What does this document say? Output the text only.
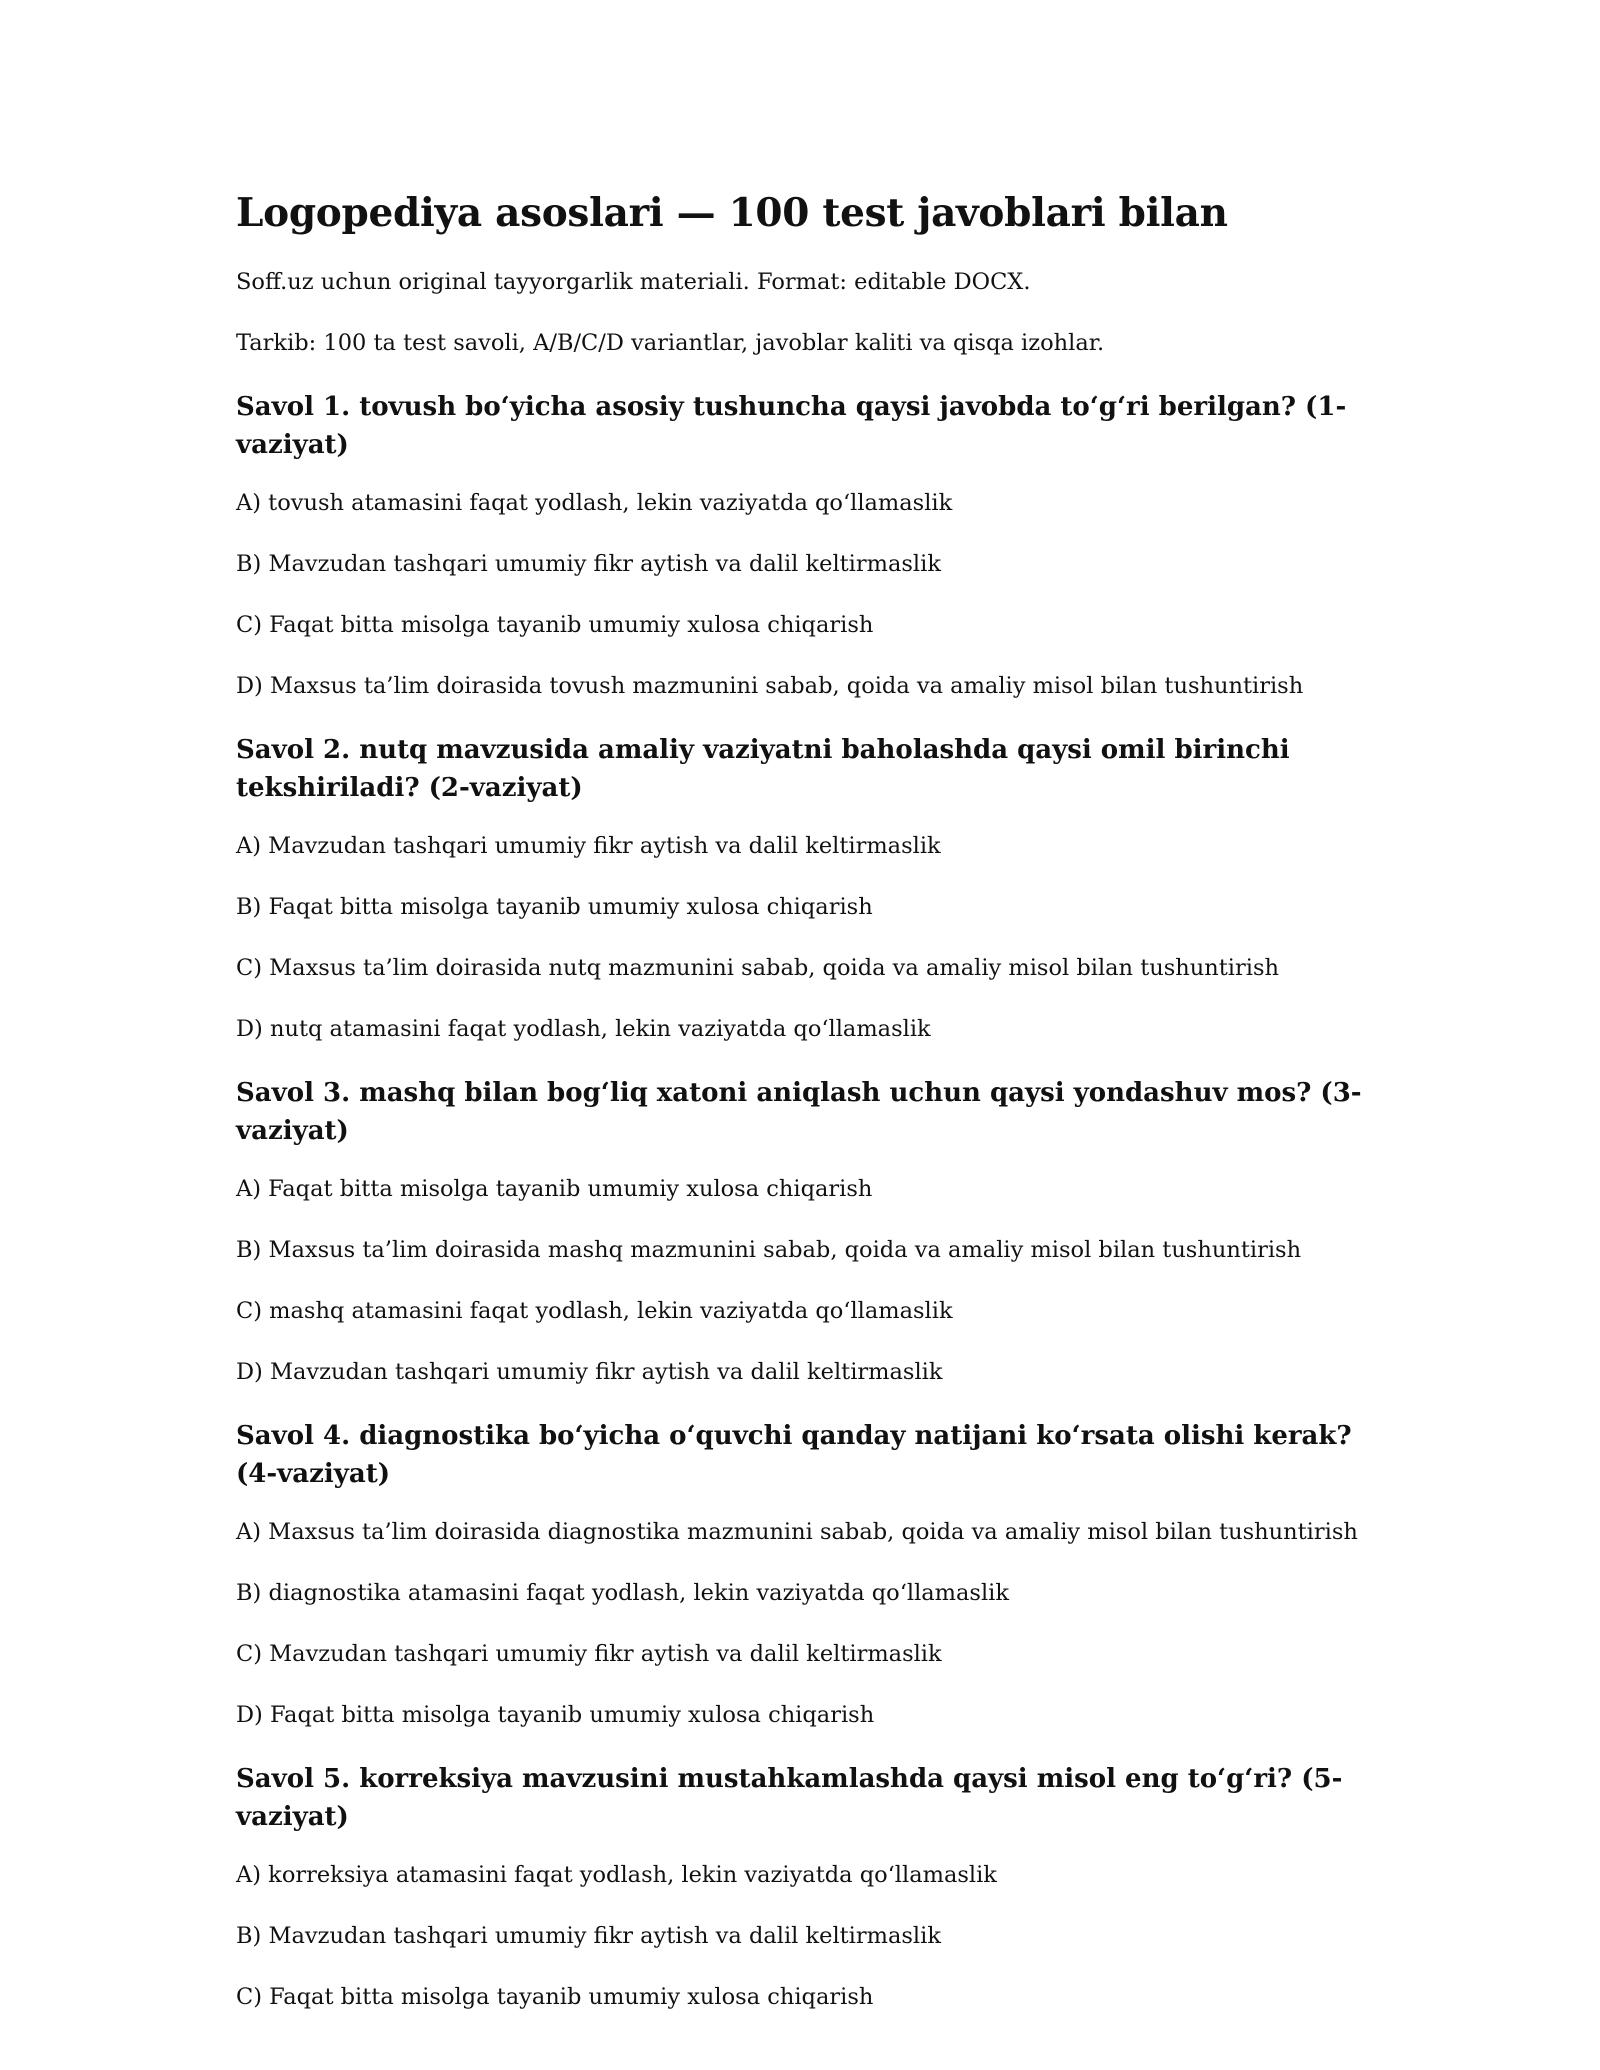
Logopediya asoslari — 100 test javoblari bilan

Soff.uz uchun original tayyorgarlik materiali. Format: editable DOCX.

Tarkib: 100 ta test savoli, A/B/C/D variantlar, javoblar kaliti va qisqa izohlar.

Savol 1. tovush bo‘yicha asosiy tushuncha qaysi javobda to‘g‘ri berilgan? (1-vaziyat)

A) tovush atamasini faqat yodlash, lekin vaziyatda qo‘llamaslik

B) Mavzudan tashqari umumiy fikr aytish va dalil keltirmaslik

C) Faqat bitta misolga tayanib umumiy xulosa chiqarish

D) Maxsus ta’lim doirasida tovush mazmunini sabab, qoida va amaliy misol bilan tushuntirish

Savol 2. nutq mavzusida amaliy vaziyatni baholashda qaysi omil birinchi tekshiriladi? (2-vaziyat)

A) Mavzudan tashqari umumiy fikr aytish va dalil keltirmaslik

B) Faqat bitta misolga tayanib umumiy xulosa chiqarish

C) Maxsus ta’lim doirasida nutq mazmunini sabab, qoida va amaliy misol bilan tushuntirish

D) nutq atamasini faqat yodlash, lekin vaziyatda qo‘llamaslik

Savol 3. mashq bilan bog‘liq xatoni aniqlash uchun qaysi yondashuv mos? (3-vaziyat)

A) Faqat bitta misolga tayanib umumiy xulosa chiqarish

B) Maxsus ta’lim doirasida mashq mazmunini sabab, qoida va amaliy misol bilan tushuntirish

C) mashq atamasini faqat yodlash, lekin vaziyatda qo‘llamaslik

D) Mavzudan tashqari umumiy fikr aytish va dalil keltirmaslik

Savol 4. diagnostika bo‘yicha o‘quvchi qanday natijani ko‘rsata olishi kerak? (4-vaziyat)

A) Maxsus ta’lim doirasida diagnostika mazmunini sabab, qoida va amaliy misol bilan tushuntirish

B) diagnostika atamasini faqat yodlash, lekin vaziyatda qo‘llamaslik

C) Mavzudan tashqari umumiy fikr aytish va dalil keltirmaslik

D) Faqat bitta misolga tayanib umumiy xulosa chiqarish

Savol 5. korreksiya mavzusini mustahkamlashda qaysi misol eng to‘g‘ri? (5-vaziyat)

A) korreksiya atamasini faqat yodlash, lekin vaziyatda qo‘llamaslik

B) Mavzudan tashqari umumiy fikr aytish va dalil keltirmaslik

C) Faqat bitta misolga tayanib umumiy xulosa chiqarish
